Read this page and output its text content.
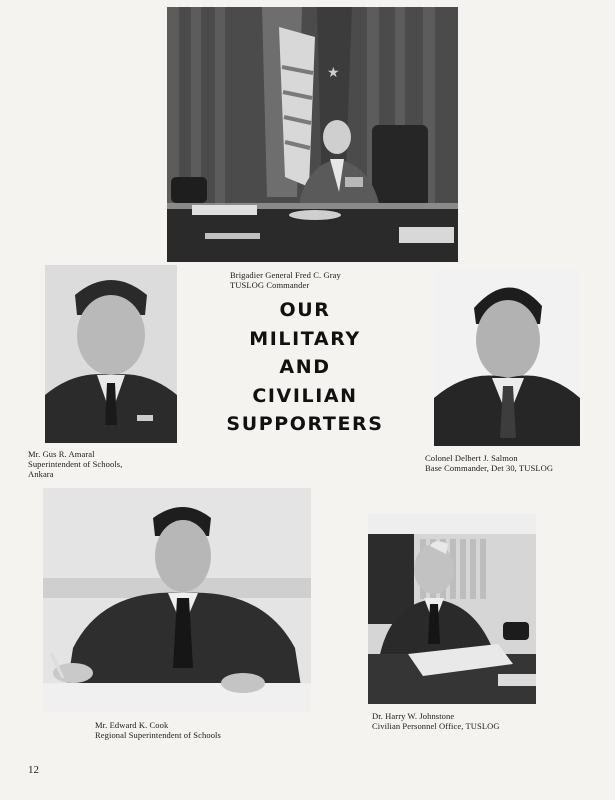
★
Brigadier General Fred C. Gray
TUSLOG Commander
Mr. Gus R. Amaral
Superintendent of Schools,
Ankara
OUR
MILITARY
AND
CIVILIAN
SUPPORTERS
Colonel Delbert J. Salmon
Base Commander, Det 30, TUSLOG
Mr. Edward K. Cook
Regional Superintendent of Schools
Dr. Harry W. Johnstone
Civilian Personnel Office, TUSLOG
12
